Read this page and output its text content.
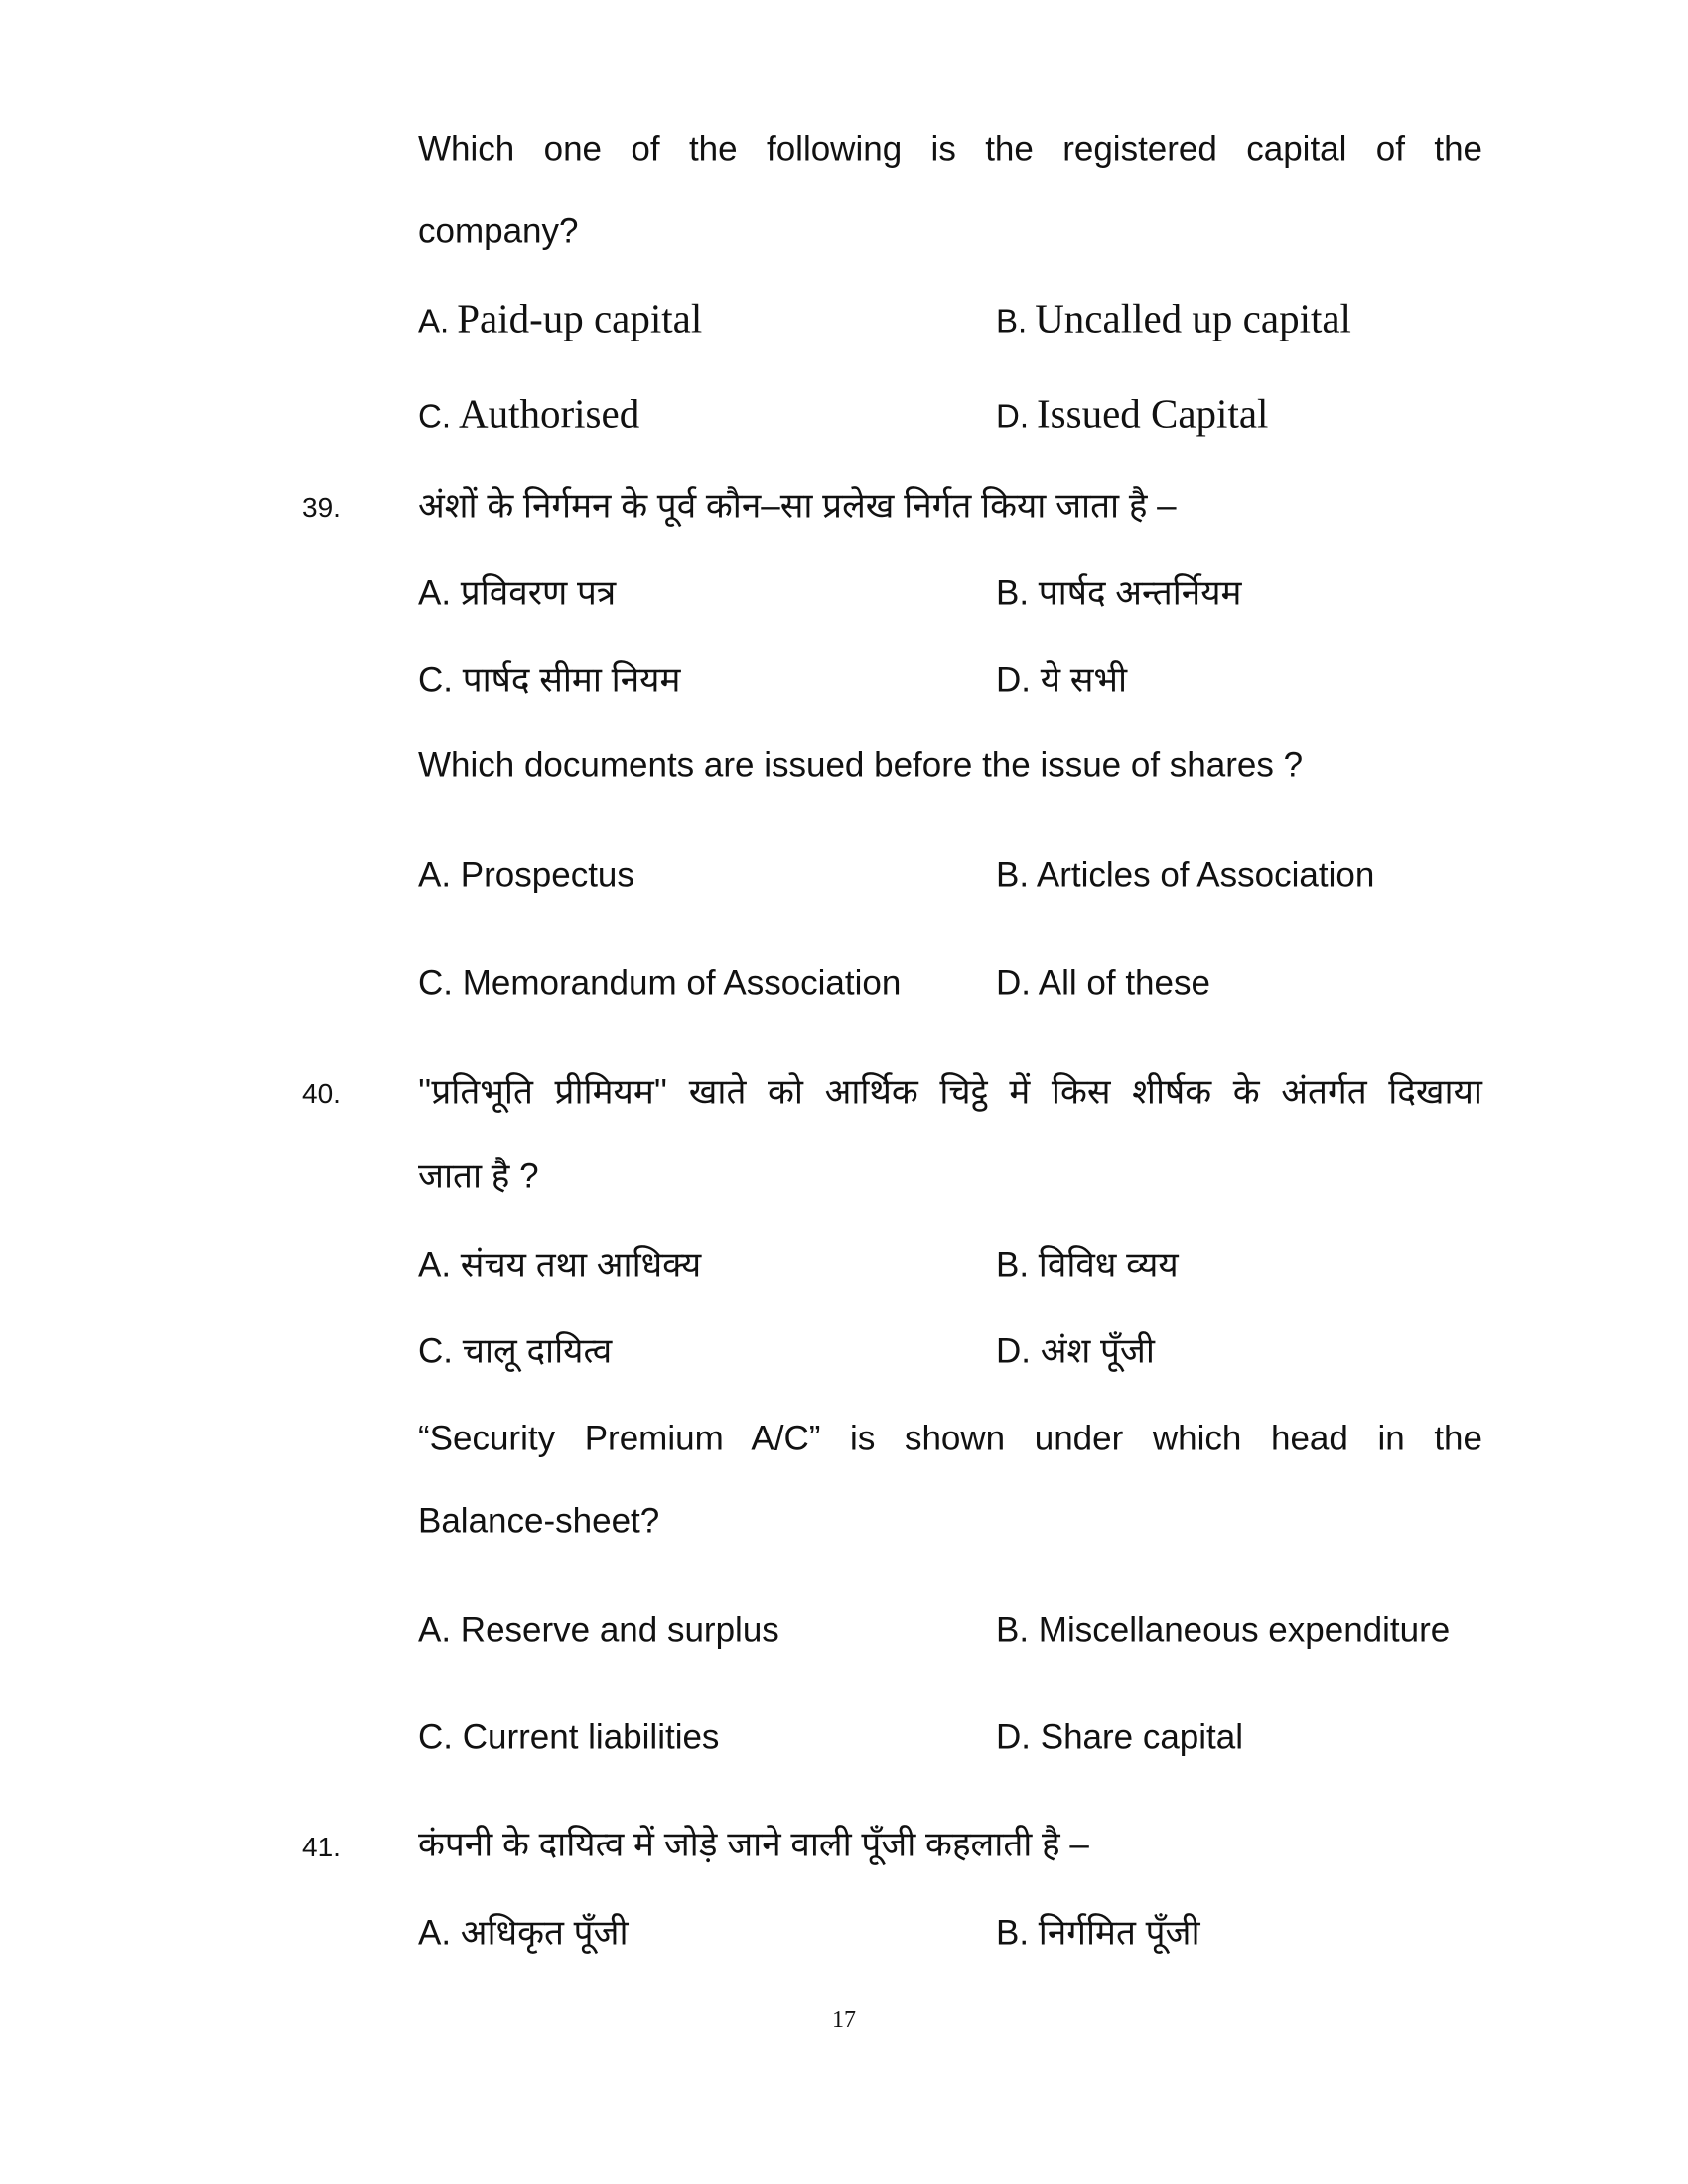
Which one of the following is the registered capital of the
company?
A. Paid-up capital	B. Uncalled up capital
C. Authorised	D. Issued Capital
39. अंशों के निर्गमन के पूर्व कौन–सा प्रलेख निर्गत किया जाता है –
A. प्रविवरण पत्र	B. पार्षद अन्तर्नियम
C. पार्षद सीमा नियम	D. ये सभी
Which documents are issued before the issue of shares ?
A. Prospectus	B. Articles of Association
C. Memorandum of Association	D. All of these
40. ''प्रतिभूति प्रीमियम'' खाते को आर्थिक चिट्ठे में किस शीर्षक के अंतर्गत दिखाया
जाता है ?
A. संचय तथा आधिक्य	B. विविध व्यय
C. चालू दायित्व	D. अंश पूँजी
“Security Premium A/C” is shown under which head in the
Balance-sheet?
A. Reserve and surplus	B. Miscellaneous expenditure
C. Current liabilities	D. Share capital
41. कंपनी के दायित्व में जोड़े जाने वाली पूँजी कहलाती है –
A. अधिकृत पूँजी	B. निर्गमित पूँजी
17
